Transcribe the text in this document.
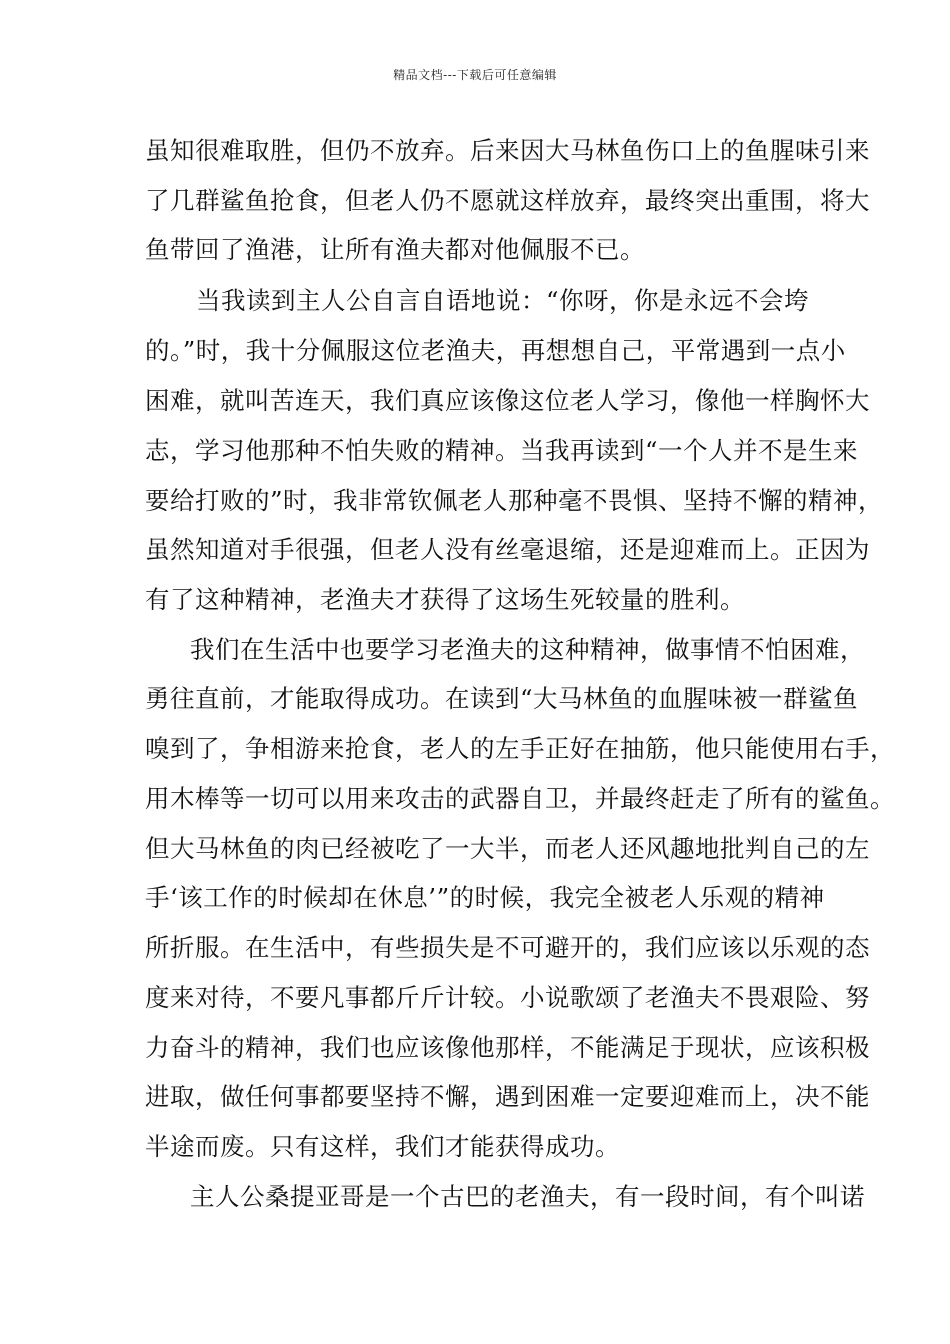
精品文档---下载后可任意编辑
虽知很难取胜，但仍不放弃。后来因大马林鱼伤口上的鱼腥味引来
了几群鲨鱼抢食，但老人仍不愿就这样放弃，最终突出重围，将大
鱼带回了渔港，让所有渔夫都对他佩服不已。
当我读到主人公自言自语地说：“你呀，你是永远不会垮
的。”时，我十分佩服这位老渔夫，再想想自己，平常遇到一点小
困难，就叫苦连天，我们真应该像这位老人学习，像他一样胸怀大
志，学习他那种不怕失败的精神。当我再读到“一个人并不是生来
要给打败的”时，我非常钦佩老人那种毫不畏惧、坚持不懈的精神，
虽然知道对手很强，但老人没有丝毫退缩，还是迎难而上。正因为
有了这种精神，老渔夫才获得了这场生死较量的胜利。
我们在生活中也要学习老渔夫的这种精神，做事情不怕困难，
勇往直前，才能取得成功。在读到“大马林鱼的血腥味被一群鲨鱼
嗅到了，争相游来抢食，老人的左手正好在抽筋，他只能使用右手，
用木棒等一切可以用来攻击的武器自卫，并最终赶走了所有的鲨鱼。
但大马林鱼的肉已经被吃了一大半，而老人还风趣地批判自己的左
手‘该工作的时候却在休息’”的时候，我完全被老人乐观的精神
所折服。在生活中，有些损失是不可避开的，我们应该以乐观的态
度来对待，不要凡事都斤斤计较。小说歌颂了老渔夫不畏艰险、努
力奋斗的精神，我们也应该像他那样，不能满足于现状，应该积极
进取，做任何事都要坚持不懈，遇到困难一定要迎难而上，决不能
半途而废。只有这样，我们才能获得成功。
主人公桑提亚哥是一个古巴的老渔夫，有一段时间，有个叫诺
